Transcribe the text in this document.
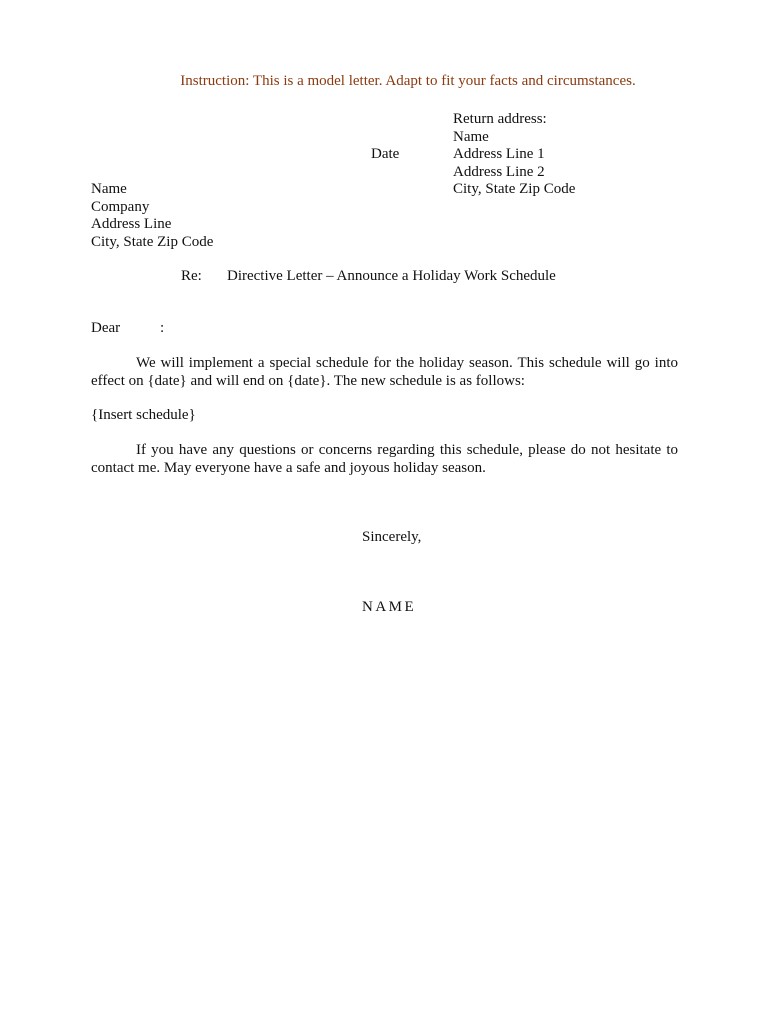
Instruction: This is a model letter. Adapt to fit your facts and circumstances.
Return address:
Name
Address Line 1
Address Line 2
City, State Zip Code
Date
Name
Company
Address Line
City, State Zip Code
Re: Directive Letter – Announce a Holiday Work Schedule
Dear	:
We will implement a special schedule for the holiday season. This schedule will go into effect on {date} and will end on {date}. The new schedule is as follows:
{Insert schedule}
If you have any questions or concerns regarding this schedule, please do not hesitate to contact me. May everyone have a safe and joyous holiday season.
Sincerely,
NAME
